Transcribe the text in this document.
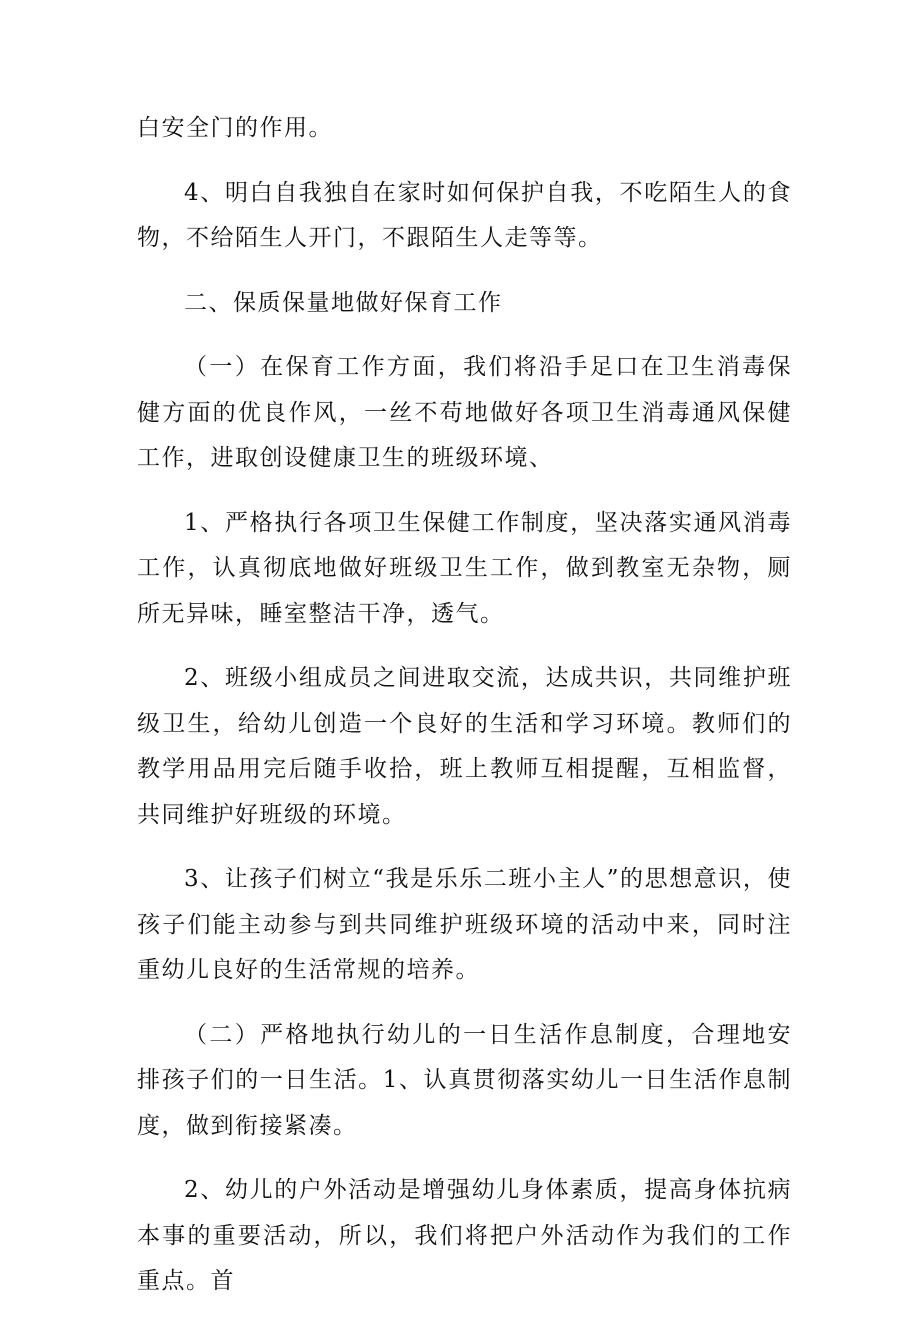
白安全门的作用。

4、明白自我独自在家时如何保护自我，不吃陌生人的食物，不给陌生人开门，不跟陌生人走等等。

二、保质保量地做好保育工作

（一）在保育工作方面，我们将沿手足口在卫生消毒保健方面的优良作风，一丝不苟地做好各项卫生消毒通风保健工作，进取创设健康卫生的班级环境、

1、严格执行各项卫生保健工作制度，坚决落实通风消毒工作，认真彻底地做好班级卫生工作，做到教室无杂物，厕所无异味，睡室整洁干净，透气。

2、班级小组成员之间进取交流，达成共识，共同维护班级卫生，给幼儿创造一个良好的生活和学习环境。教师们的教学用品用完后随手收拾，班上教师互相提醒，互相监督，共同维护好班级的环境。

3、让孩子们树立“我是乐乐二班小主人”的思想意识，使孩子们能主动参与到共同维护班级环境的活动中来，同时注重幼儿良好的生活常规的培养。

（二）严格地执行幼儿的一日生活作息制度，合理地安排孩子们的一日生活。1、认真贯彻落实幼儿一日生活作息制度，做到衔接紧凑。

2、幼儿的户外活动是增强幼儿身体素质，提高身体抗病本事的重要活动，所以，我们将把户外活动作为我们的工作重点。首
